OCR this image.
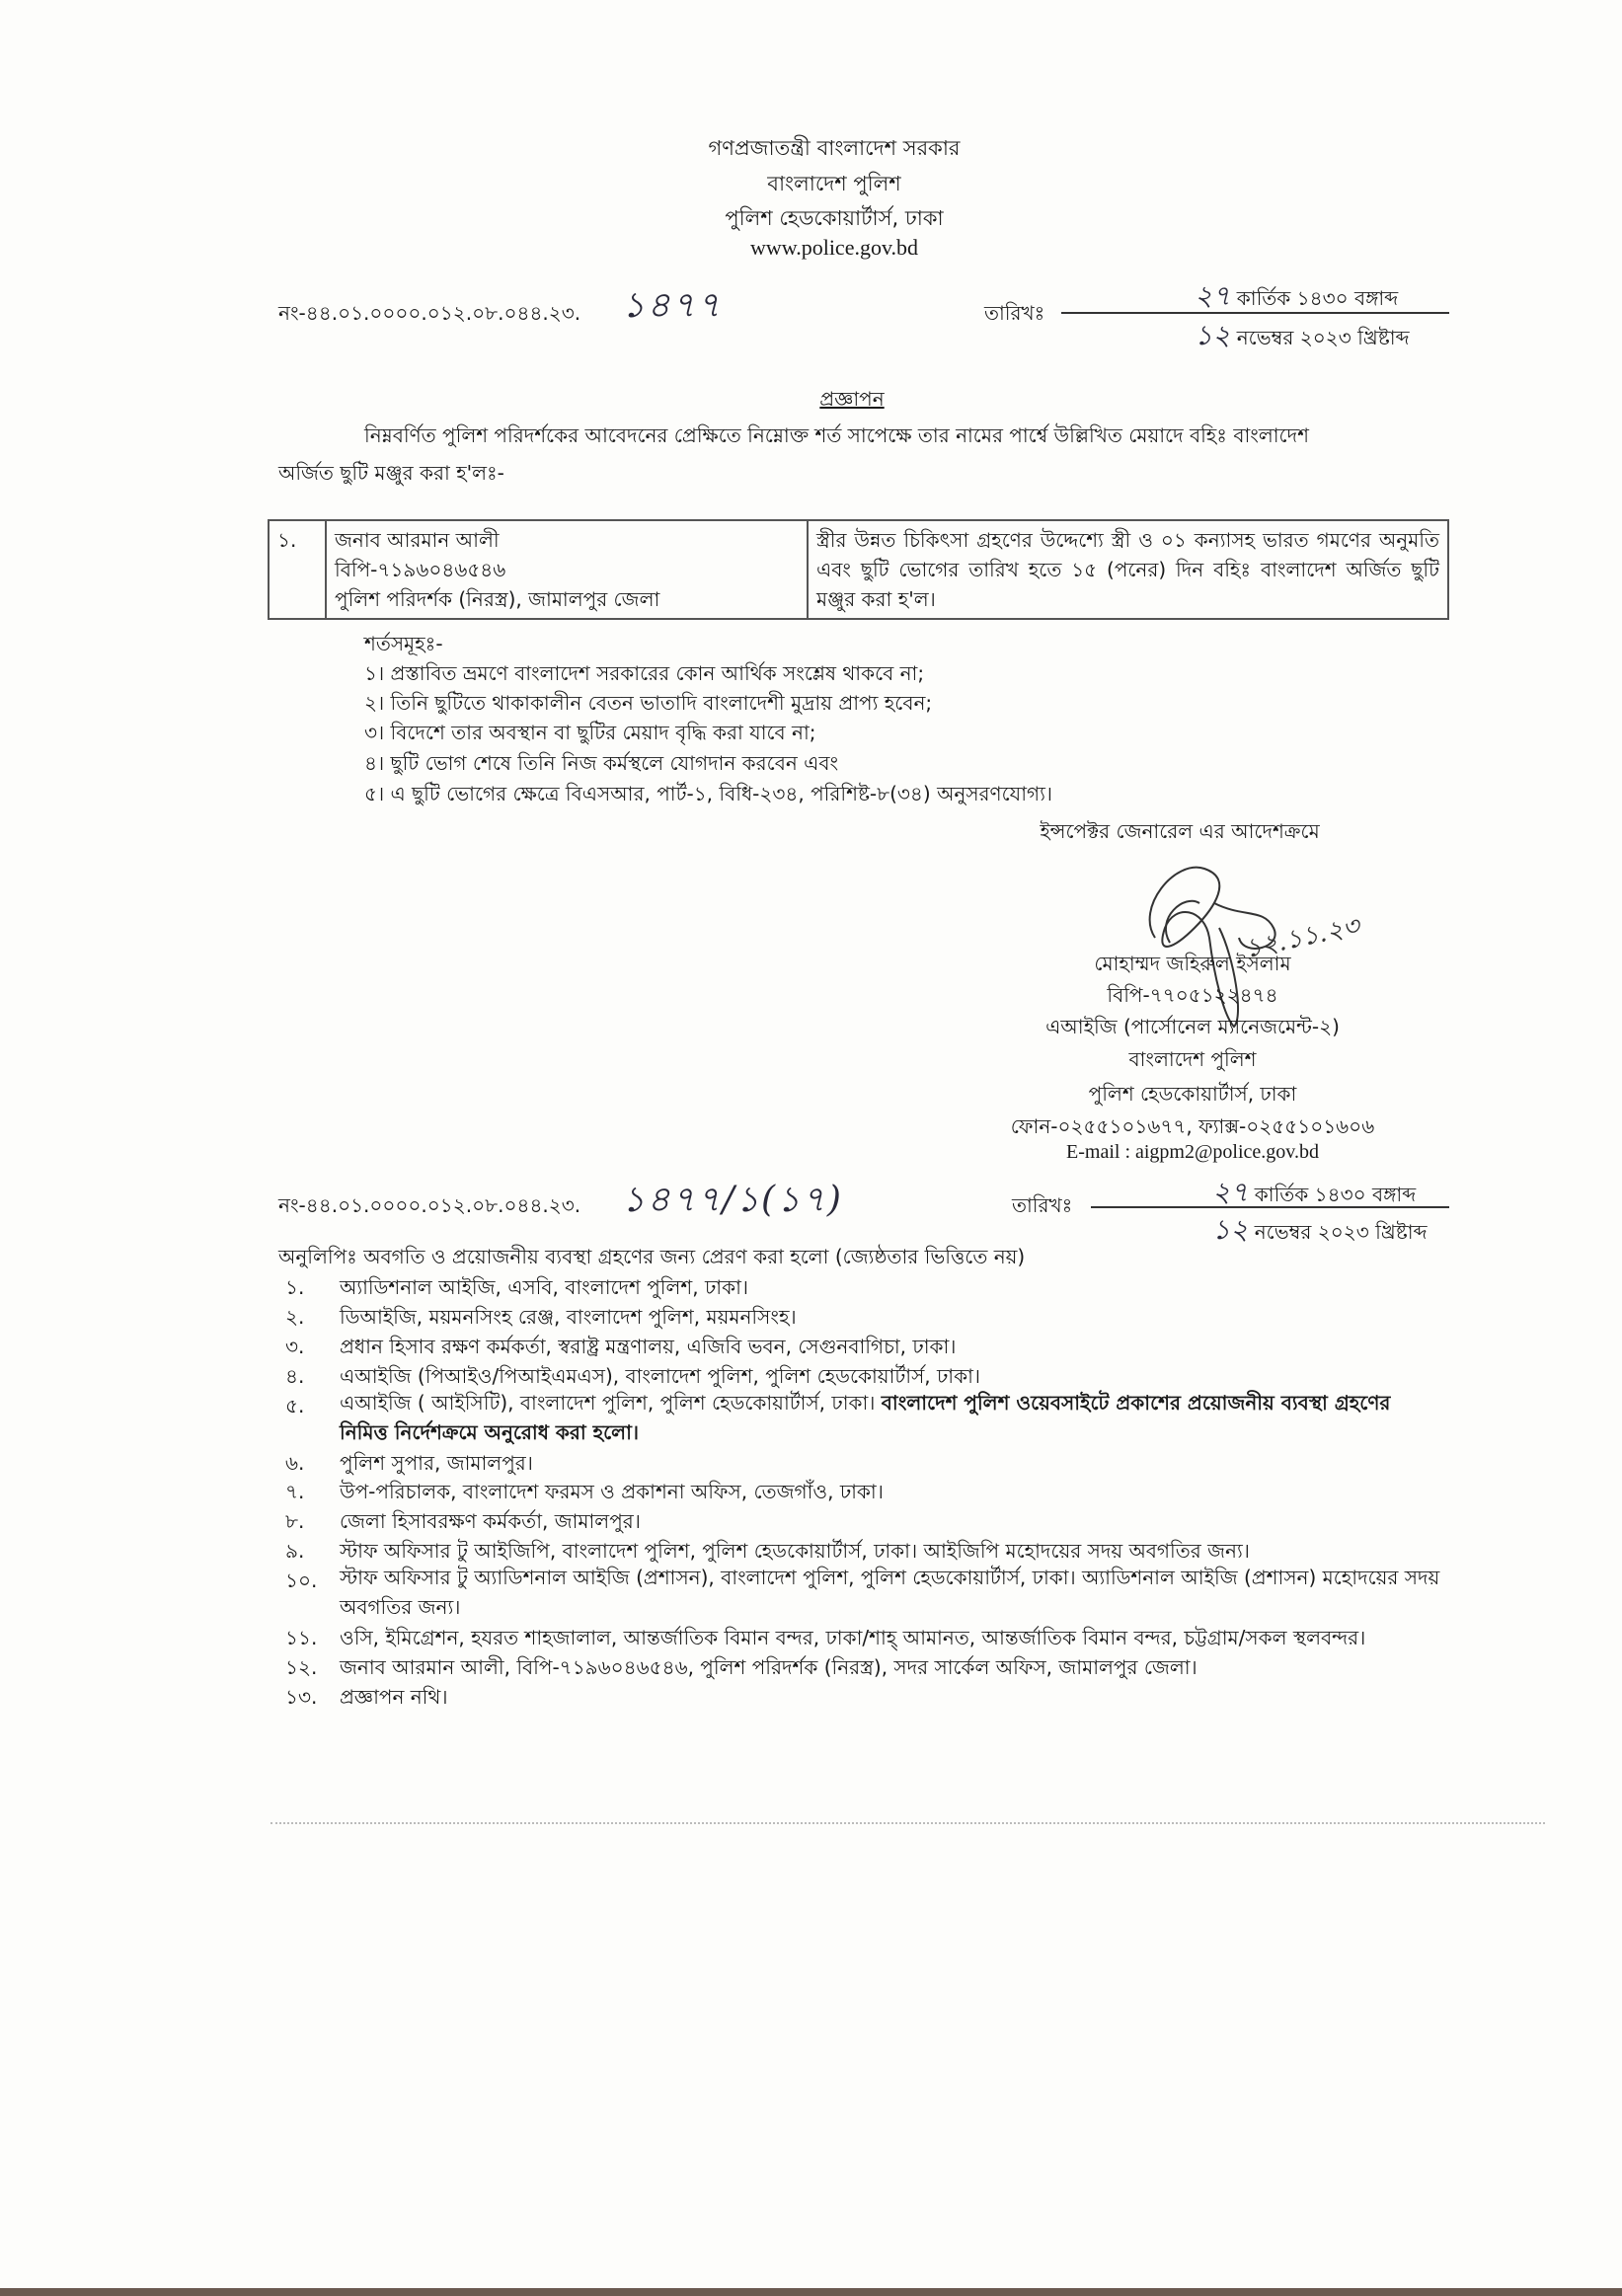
গণপ্রজাতন্ত্রী বাংলাদেশ সরকার
বাংলাদেশ পুলিশ
পুলিশ হেডকোয়ার্টার্স, ঢাকা
www.police.gov.bd
নং-৪৪.০১.০০০০.০১২.০৮.০৪৪.২৩. ১৪৭৭	তারিখঃ
২৭ কার্তিক ১৪৩০ বঙ্গাব্দ
১২ নভেম্বর ২০২৩ খ্রিষ্টাব্দ
প্রজ্ঞাপন
নিম্নবর্ণিত পুলিশ পরিদর্শকের আবেদনের প্রেক্ষিতে নিম্নোক্ত শর্ত সাপেক্ষে তার নামের পার্শ্বে উল্লিখিত মেয়াদে বহিঃ বাংলাদেশ
অর্জিত ছুটি মঞ্জুর করা হ'লঃ-
১.	জনাব আরমান আলী
বিপি-৭১৯৬০৪৬৫৪৬
পুলিশ পরিদর্শক (নিরস্ত্র), জামালপুর জেলা
	স্ত্রীর উন্নত চিকিৎসা গ্রহণের উদ্দেশ্যে স্ত্রী ও ০১ কন্যাসহ ভারত গমণের অনুমতি এবং ছুটি ভোগের তারিখ হতে ১৫ (পনের) দিন বহিঃ বাংলাদেশ অর্জিত ছুটি মঞ্জুর করা হ'ল।
শর্তসমূহঃ-
১। প্রস্তাবিত ভ্রমণে বাংলাদেশ সরকারের কোন আর্থিক সংশ্লেষ থাকবে না;
২। তিনি ছুটিতে থাকাকালীন বেতন ভাতাদি বাংলাদেশী মুদ্রায় প্রাপ্য হবেন;
৩। বিদেশে তার অবস্থান বা ছুটির মেয়াদ বৃদ্ধি করা যাবে না;
৪। ছুটি ভোগ শেষে তিনি নিজ কর্মস্থলে যোগদান করবেন এবং
৫। এ ছুটি ভোগের ক্ষেত্রে বিএসআর, পার্ট-১, বিধি-২৩৪, পরিশিষ্ট-৮(৩৪) অনুসরণযোগ্য।
ইন্সপেক্টর জেনারেল এর আদেশক্রমে
১২.১১.২৩
মোহাম্মদ জহিরুল ইসলাম
বিপি-৭৭০৫১২২৪৭৪
এআইজি (পার্সোনেল ম্যানেজমেন্ট-২)
বাংলাদেশ পুলিশ
পুলিশ হেডকোয়ার্টার্স, ঢাকা
ফোন-০২৫৫১০১৬৭৭, ফ্যাক্স-০২৫৫১০১৬০৬
E-mail : aigpm2@police.gov.bd
নং-৪৪.০১.০০০০.০১২.০৮.০৪৪.২৩. ১৪৭৭/১(১৭)	তারিখঃ	২৭ কার্তিক ১৪৩০ বঙ্গাব্দ
১২ নভেম্বর ২০২৩ খ্রিষ্টাব্দ
অনুলিপিঃ অবগতি ও প্রয়োজনীয় ব্যবস্থা গ্রহণের জন্য প্রেরণ করা হলো (জ্যেষ্ঠতার ভিত্তিতে নয়)
১. অ্যাডিশনাল আইজি, এসবি, বাংলাদেশ পুলিশ, ঢাকা।
২. ডিআইজি, ময়মনসিংহ রেঞ্জ, বাংলাদেশ পুলিশ, ময়মনসিংহ।
৩. প্রধান হিসাব রক্ষণ কর্মকর্তা, স্বরাষ্ট্র মন্ত্রণালয়, এজিবি ভবন, সেগুনবাগিচা, ঢাকা।
৪. এআইজি (পিআইও/পিআইএমএস), বাংলাদেশ পুলিশ, পুলিশ হেডকোয়ার্টার্স, ঢাকা।
৫. এআইজি ( আইসিটি), বাংলাদেশ পুলিশ, পুলিশ হেডকোয়ার্টার্স, ঢাকা। বাংলাদেশ পুলিশ ওয়েবসাইটে প্রকাশের প্রয়োজনীয় ব্যবস্থা গ্রহণের নিমিত্ত নির্দেশক্রমে অনুরোধ করা হলো।
৬. পুলিশ সুপার, জামালপুর।
৭. উপ-পরিচালক, বাংলাদেশ ফরমস ও প্রকাশনা অফিস, তেজগাঁও, ঢাকা।
৮. জেলা হিসাবরক্ষণ কর্মকর্তা, জামালপুর।
৯. স্টাফ অফিসার টু আইজিপি, বাংলাদেশ পুলিশ, পুলিশ হেডকোয়ার্টার্স, ঢাকা। আইজিপি মহোদয়ের সদয় অবগতির জন্য।
১০. স্টাফ অফিসার টু অ্যাডিশনাল আইজি (প্রশাসন), বাংলাদেশ পুলিশ, পুলিশ হেডকোয়ার্টার্স, ঢাকা। অ্যাডিশনাল আইজি (প্রশাসন) মহোদয়ের সদয় অবগতির জন্য।
১১. ওসি, ইমিগ্রেশন, হযরত শাহজালাল, আন্তর্জাতিক বিমান বন্দর, ঢাকা/শাহ্ আমানত, আন্তর্জাতিক বিমান বন্দর, চট্টগ্রাম/সকল স্থলবন্দর।
১২. জনাব আরমান আলী, বিপি-৭১৯৬০৪৬৫৪৬, পুলিশ পরিদর্শক (নিরস্ত্র), সদর সার্কেল অফিস, জামালপুর জেলা।
১৩. প্রজ্ঞাপন নথি।
